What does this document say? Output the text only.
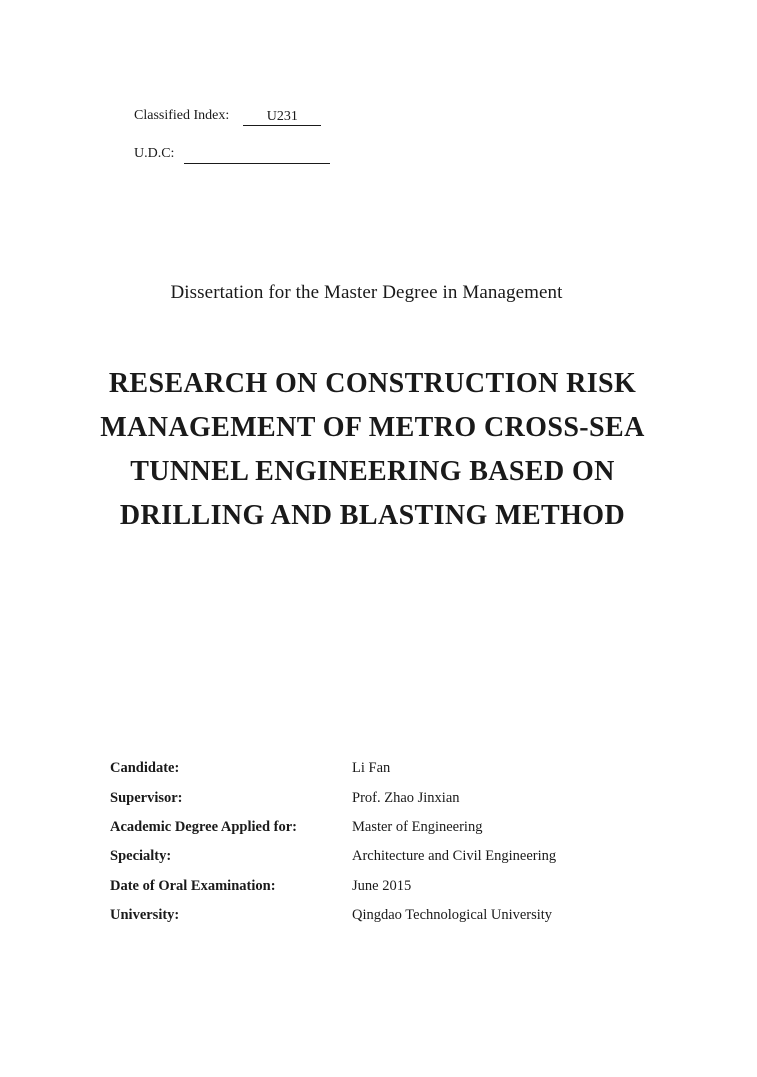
Classified Index:	U231
U.D.C:
Dissertation for the Master Degree in Management
RESEARCH ON CONSTRUCTION RISK
MANAGEMENT OF METRO CROSS-SEA
TUNNEL ENGINEERING BASED ON
DRILLING AND BLASTING METHOD
Candidate:	Li Fan
Supervisor:	Prof. Zhao Jinxian
Academic Degree Applied for:	Master of Engineering
Specialty:	Architecture and Civil Engineering
Date of Oral Examination:	June 2015
University:	Qingdao Technological University
